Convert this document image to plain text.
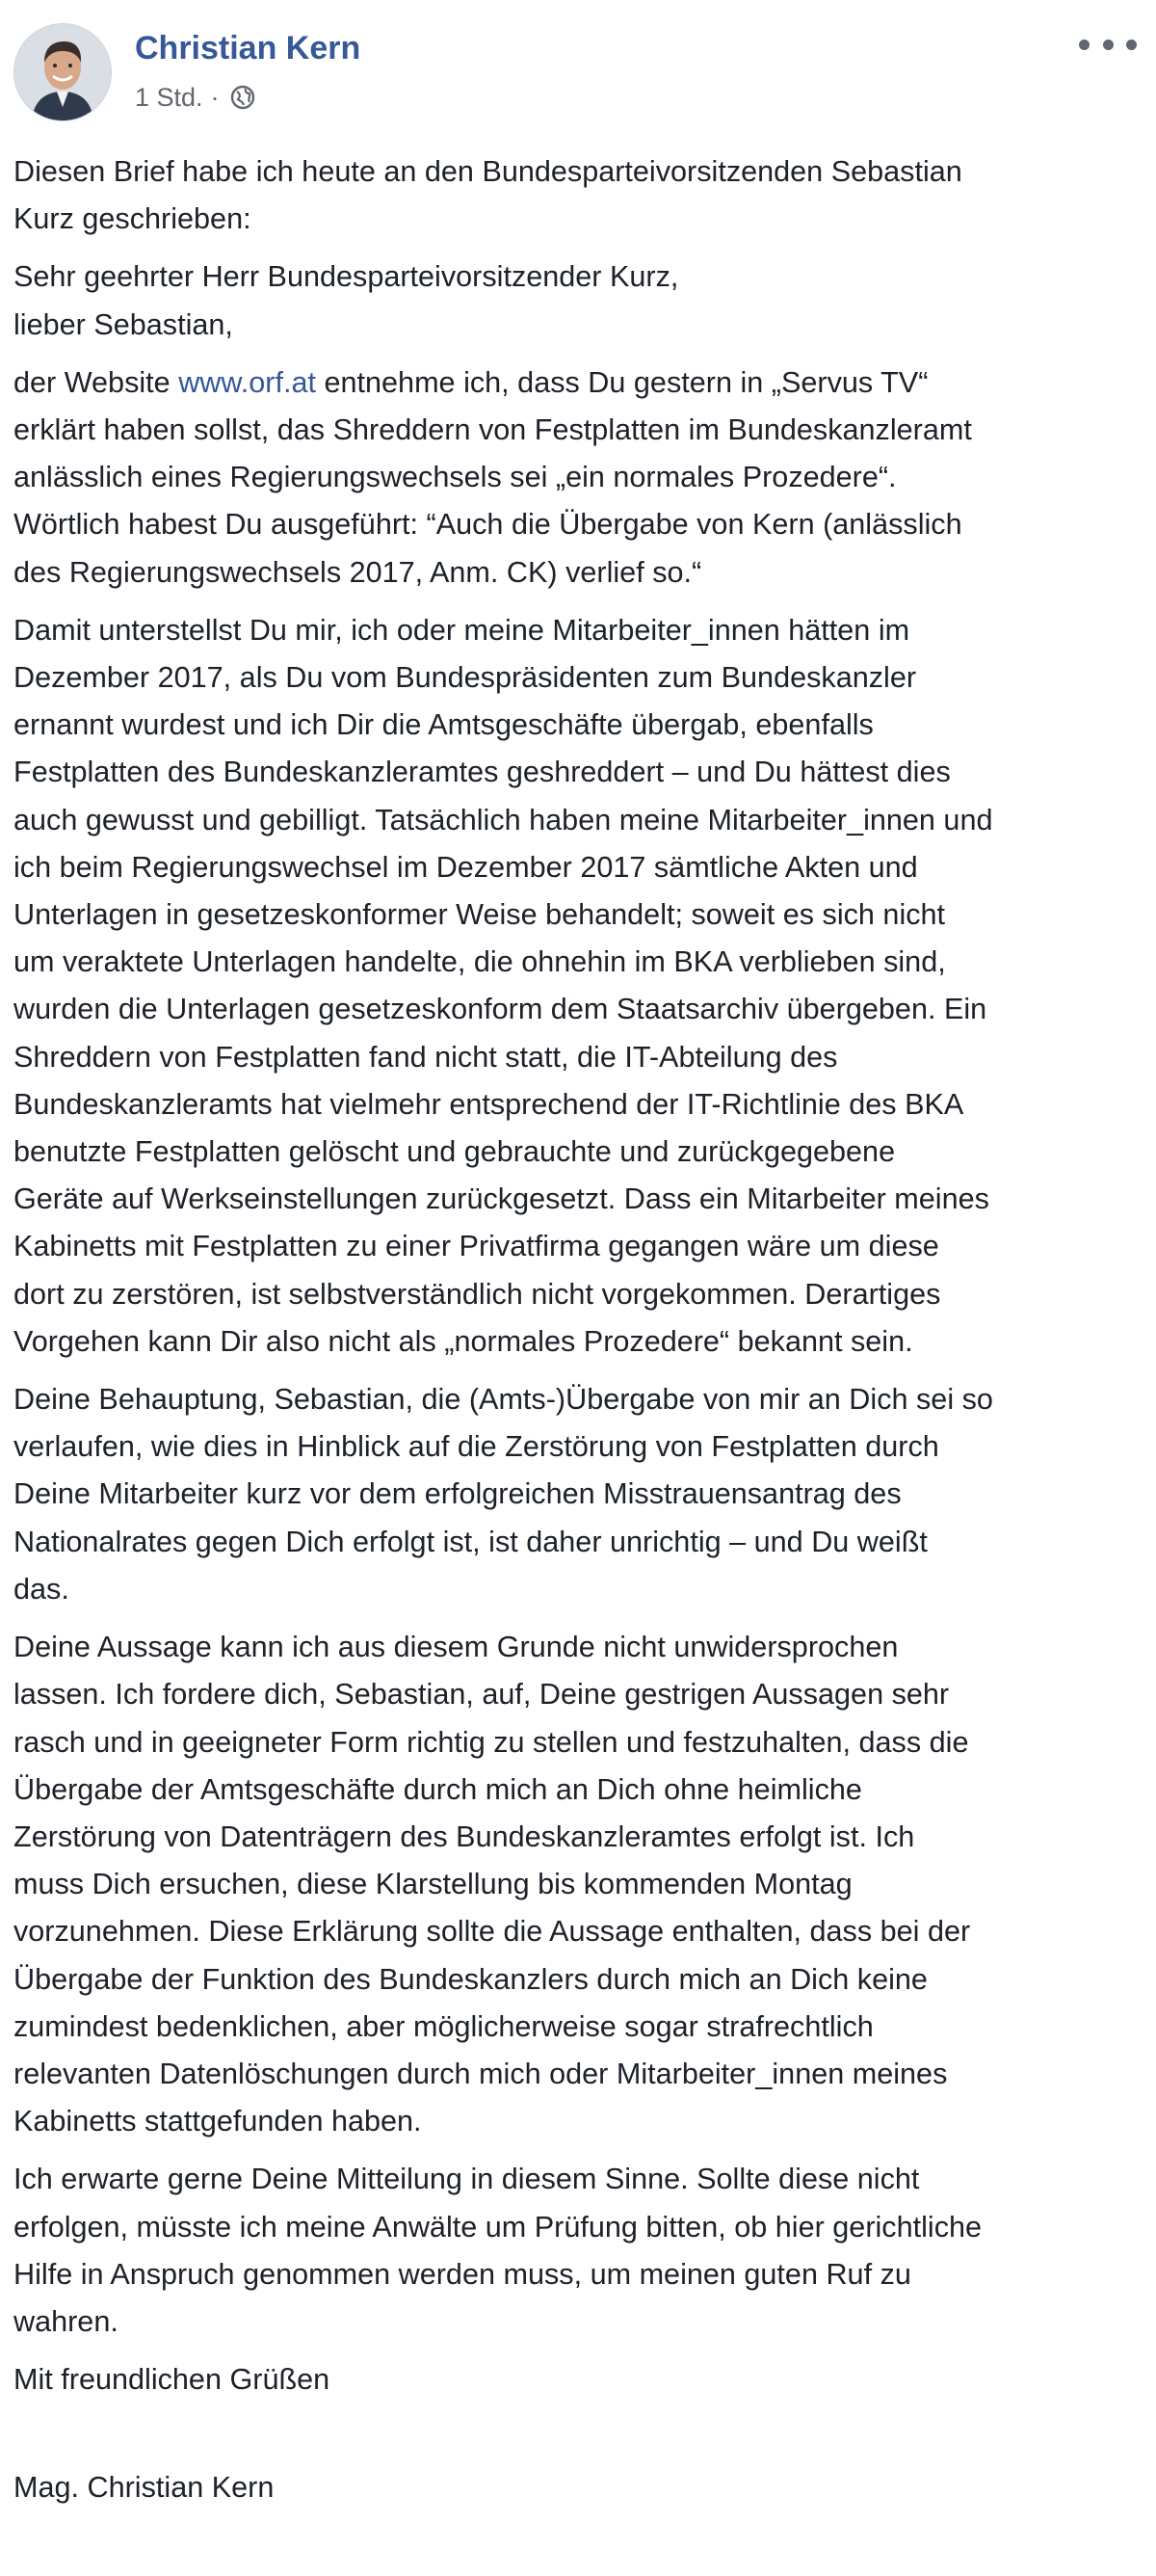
Christian Kern
1 Std. ·

Diesen Brief habe ich heute an den Bundesparteivorsitzenden Sebastian
Kurz geschrieben:

Sehr geehrter Herr Bundesparteivorsitzender Kurz,
lieber Sebastian,

der Website www.orf.at entnehme ich, dass Du gestern in „Servus TV“
erklärt haben sollst, das Shreddern von Festplatten im Bundeskanzleramt
anlässlich eines Regierungswechsels sei „ein normales Prozedere“.
Wörtlich habest Du ausgeführt: “Auch die Übergabe von Kern (anlässlich
des Regierungswechsels 2017, Anm. CK) verlief so.“

Damit unterstellst Du mir, ich oder meine Mitarbeiter_innen hätten im
Dezember 2017, als Du vom Bundespräsidenten zum Bundeskanzler
ernannt wurdest und ich Dir die Amtsgeschäfte übergab, ebenfalls
Festplatten des Bundeskanzleramtes geshreddert – und Du hättest dies
auch gewusst und gebilligt. Tatsächlich haben meine Mitarbeiter_innen und
ich beim Regierungswechsel im Dezember 2017 sämtliche Akten und
Unterlagen in gesetzeskonformer Weise behandelt; soweit es sich nicht
um veraktete Unterlagen handelte, die ohnehin im BKA verblieben sind,
wurden die Unterlagen gesetzeskonform dem Staatsarchiv übergeben. Ein
Shreddern von Festplatten fand nicht statt, die IT-Abteilung des
Bundeskanzleramts hat vielmehr entsprechend der IT-Richtlinie des BKA
benutzte Festplatten gelöscht und gebrauchte und zurückgegebene
Geräte auf Werkseinstellungen zurückgesetzt. Dass ein Mitarbeiter meines
Kabinetts mit Festplatten zu einer Privatfirma gegangen wäre um diese
dort zu zerstören, ist selbstverständlich nicht vorgekommen. Derartiges
Vorgehen kann Dir also nicht als „normales Prozedere“ bekannt sein.

Deine Behauptung, Sebastian, die (Amts-)Übergabe von mir an Dich sei so
verlaufen, wie dies in Hinblick auf die Zerstörung von Festplatten durch
Deine Mitarbeiter kurz vor dem erfolgreichen Misstrauensantrag des
Nationalrates gegen Dich erfolgt ist, ist daher unrichtig – und Du weißt
das.

Deine Aussage kann ich aus diesem Grunde nicht unwidersprochen
lassen. Ich fordere dich, Sebastian, auf, Deine gestrigen Aussagen sehr
rasch und in geeigneter Form richtig zu stellen und festzuhalten, dass die
Übergabe der Amtsgeschäfte durch mich an Dich ohne heimliche
Zerstörung von Datenträgern des Bundeskanzleramtes erfolgt ist. Ich
muss Dich ersuchen, diese Klarstellung bis kommenden Montag
vorzunehmen. Diese Erklärung sollte die Aussage enthalten, dass bei der
Übergabe der Funktion des Bundeskanzlers durch mich an Dich keine
zumindest bedenklichen, aber möglicherweise sogar strafrechtlich
relevanten Datenlöschungen durch mich oder Mitarbeiter_innen meines
Kabinetts stattgefunden haben.

Ich erwarte gerne Deine Mitteilung in diesem Sinne. Sollte diese nicht
erfolgen, müsste ich meine Anwälte um Prüfung bitten, ob hier gerichtliche
Hilfe in Anspruch genommen werden muss, um meinen guten Ruf zu
wahren.

Mit freundlichen Grüßen

Mag. Christian Kern
